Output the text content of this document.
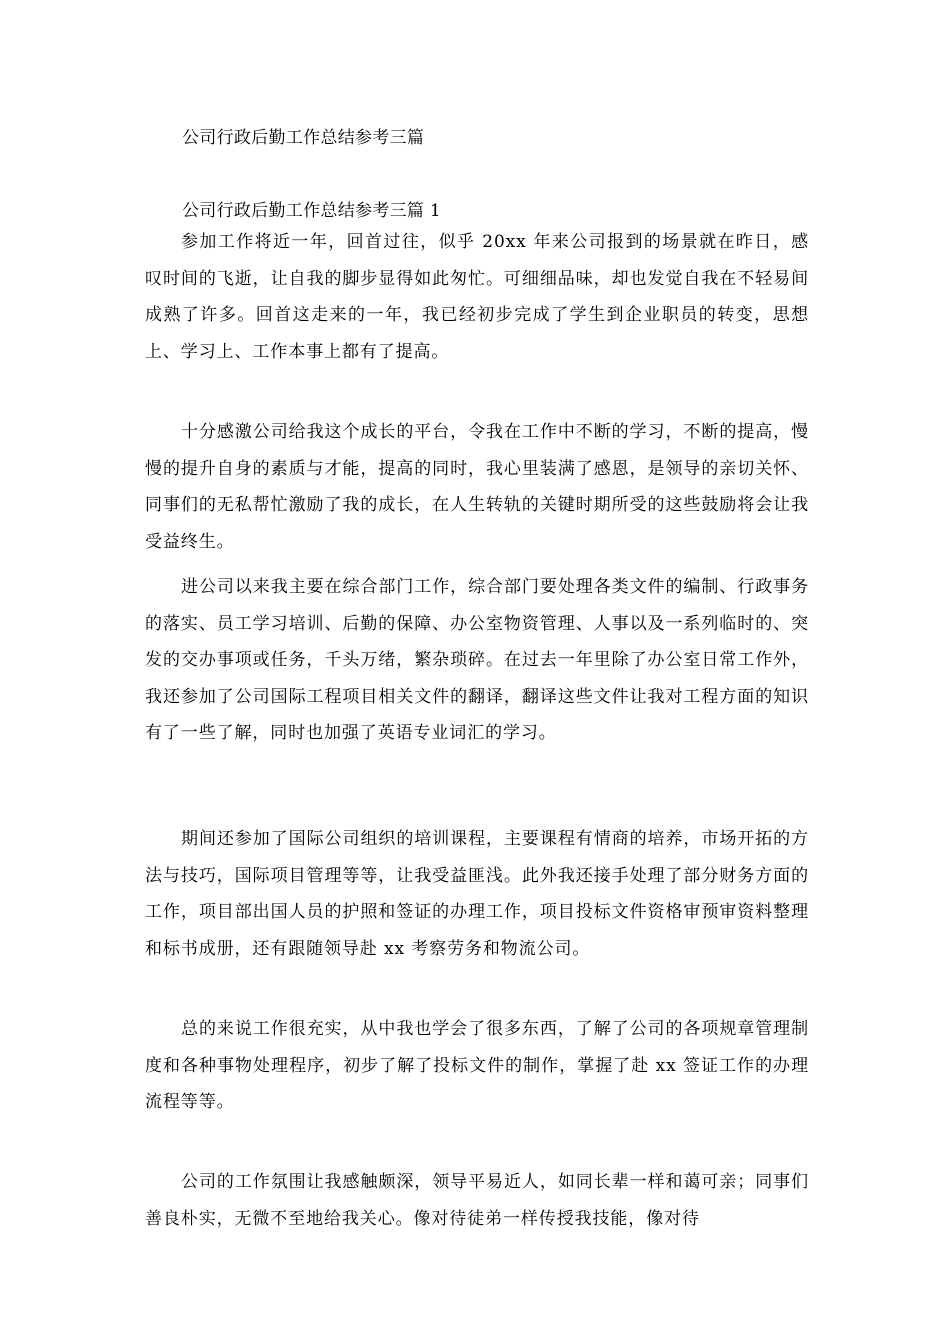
公司行政后勤工作总结参考三篇
公司行政后勤工作总结参考三篇 1

参加工作将近一年，回首过往，似乎 20xx 年来公司报到的场景就在昨日，感叹时间的飞逝，让自我的脚步显得如此匆忙。可细细品味，却也发觉自我在不轻易间成熟了许多。回首这走来的一年，我已经初步完成了学生到企业职员的转变，思想上、学习上、工作本事上都有了提高。

十分感激公司给我这个成长的平台，令我在工作中不断的学习，不断的提高，慢慢的提升自身的素质与才能，提高的同时，我心里装满了感恩，是领导的亲切关怀、同事们的无私帮忙激励了我的成长，在人生转轨的关键时期所受的这些鼓励将会让我受益终生。

进公司以来我主要在综合部门工作，综合部门要处理各类文件的编制、行政事务的落实、员工学习培训、后勤的保障、办公室物资管理、人事以及一系列临时的、突发的交办事项或任务，千头万绪，繁杂琐碎。在过去一年里除了办公室日常工作外，我还参加了公司国际工程项目相关文件的翻译，翻译这些文件让我对工程方面的知识有了一些了解，同时也加强了英语专业词汇的学习。

期间还参加了国际公司组织的培训课程，主要课程有情商的培养，市场开拓的方法与技巧，国际项目管理等等，让我受益匪浅。此外我还接手处理了部分财务方面的工作，项目部出国人员的护照和签证的办理工作，项目投标文件资格审预审资料整理和标书成册，还有跟随领导赴 xx 考察劳务和物流公司。

总的来说工作很充实，从中我也学会了很多东西，了解了公司的各项规章管理制度和各种事物处理程序，初步了解了投标文件的制作，掌握了赴 xx 签证工作的办理流程等等。

公司的工作氛围让我感触颇深，领导平易近人，如同长辈一样和蔼可亲；同事们善良朴实，无微不至地给我关心。像对待徒弟一样传授我技能，像对待
